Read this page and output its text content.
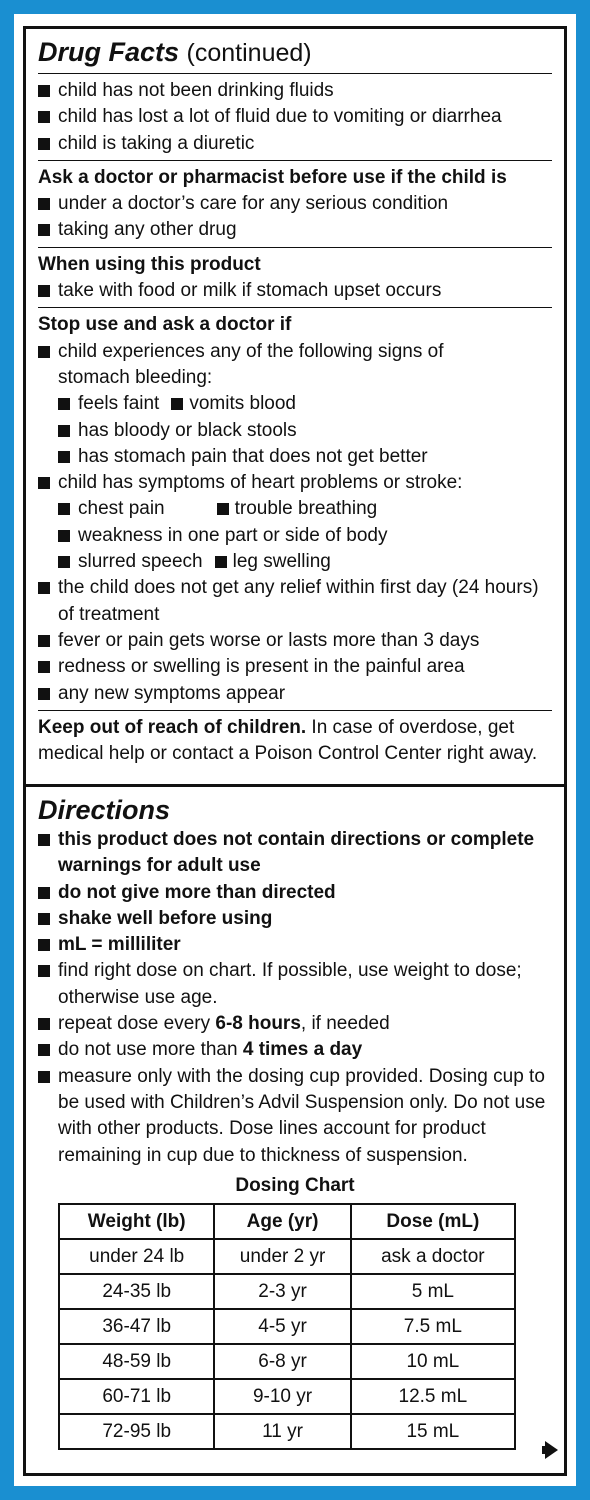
Drug Facts (continued)
child has not been drinking fluids
child has lost a lot of fluid due to vomiting or diarrhea
child is taking a diuretic
Ask a doctor or pharmacist before use if the child is
under a doctor’s care for any serious condition
taking any other drug
When using this product
take with food or milk if stomach upset occurs
Stop use and ask a doctor if
child experiences any of the following signs of
stomach bleeding:
feels faint vomits blood
has bloody or black stools
has stomach pain that does not get better
child has symptoms of heart problems or stroke:
chest pain	trouble breathing
weakness in one part or side of body
slurred speech leg swelling
the child does not get any relief within first day (24 hours)
of treatment
fever or pain gets worse or lasts more than 3 days
redness or swelling is present in the painful area
any new symptoms appear
Keep out of reach of children. In case of overdose, get medical help or contact a Poison Control Center right away.
Directions
this product does not contain directions or complete warnings for adult use
do not give more than directed
shake well before using
mL = milliliter
find right dose on chart. If possible, use weight to dose; otherwise use age.
repeat dose every 6-8 hours, if needed
do not use more than 4 times a day
measure only with the dosing cup provided. Dosing cup to be used with Children’s Advil Suspension only. Do not use with other products. Dose lines account for product remaining in cup due to thickness of suspension.
Dosing Chart
Weight (lb)	Age (yr)	Dose (mL)
under 24 lb	under 2 yr	ask a doctor
24-35 lb	2-3 yr	5 mL
36-47 lb	4-5 yr	7.5 mL
48-59 lb	6-8 yr	10 mL
60-71 lb	9-10 yr	12.5 mL
72-95 lb	11 yr	15 mL
